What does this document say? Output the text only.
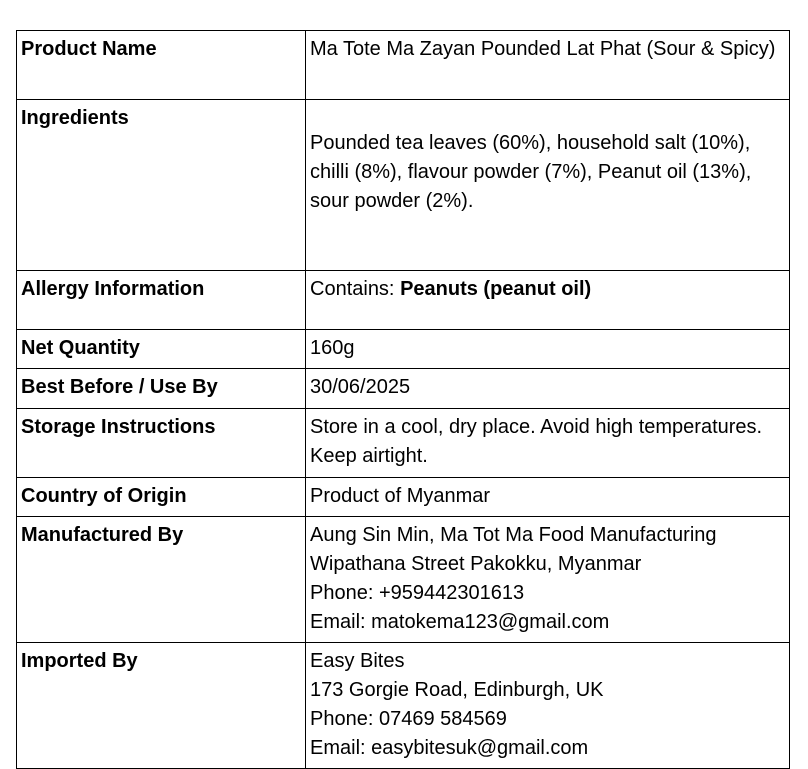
Product Name	Ma Tote Ma Zayan Pounded Lat Phat (Sour & Spicy)
Ingredients	Pounded tea leaves (60%), household salt (10%), chilli (8%), flavour powder (7%), Peanut oil (13%), sour powder (2%).
Allergy Information	Contains: Peanuts (peanut oil)
Net Quantity	160g
Best Before / Use By	30/06/2025
Storage Instructions	Store in a cool, dry place. Avoid high temperatures. Keep airtight.
Country of Origin	Product of Myanmar
Manufactured By	Aung Sin Min, Ma Tot Ma Food Manufacturing
Wipathana Street Pakokku, Myanmar
Phone: +959442301613
Email: matokema123@gmail.com

Imported By	Easy Bites
173 Gorgie Road, Edinburgh, UK
Phone: 07469 584569
Email: easybitesuk@gmail.com
